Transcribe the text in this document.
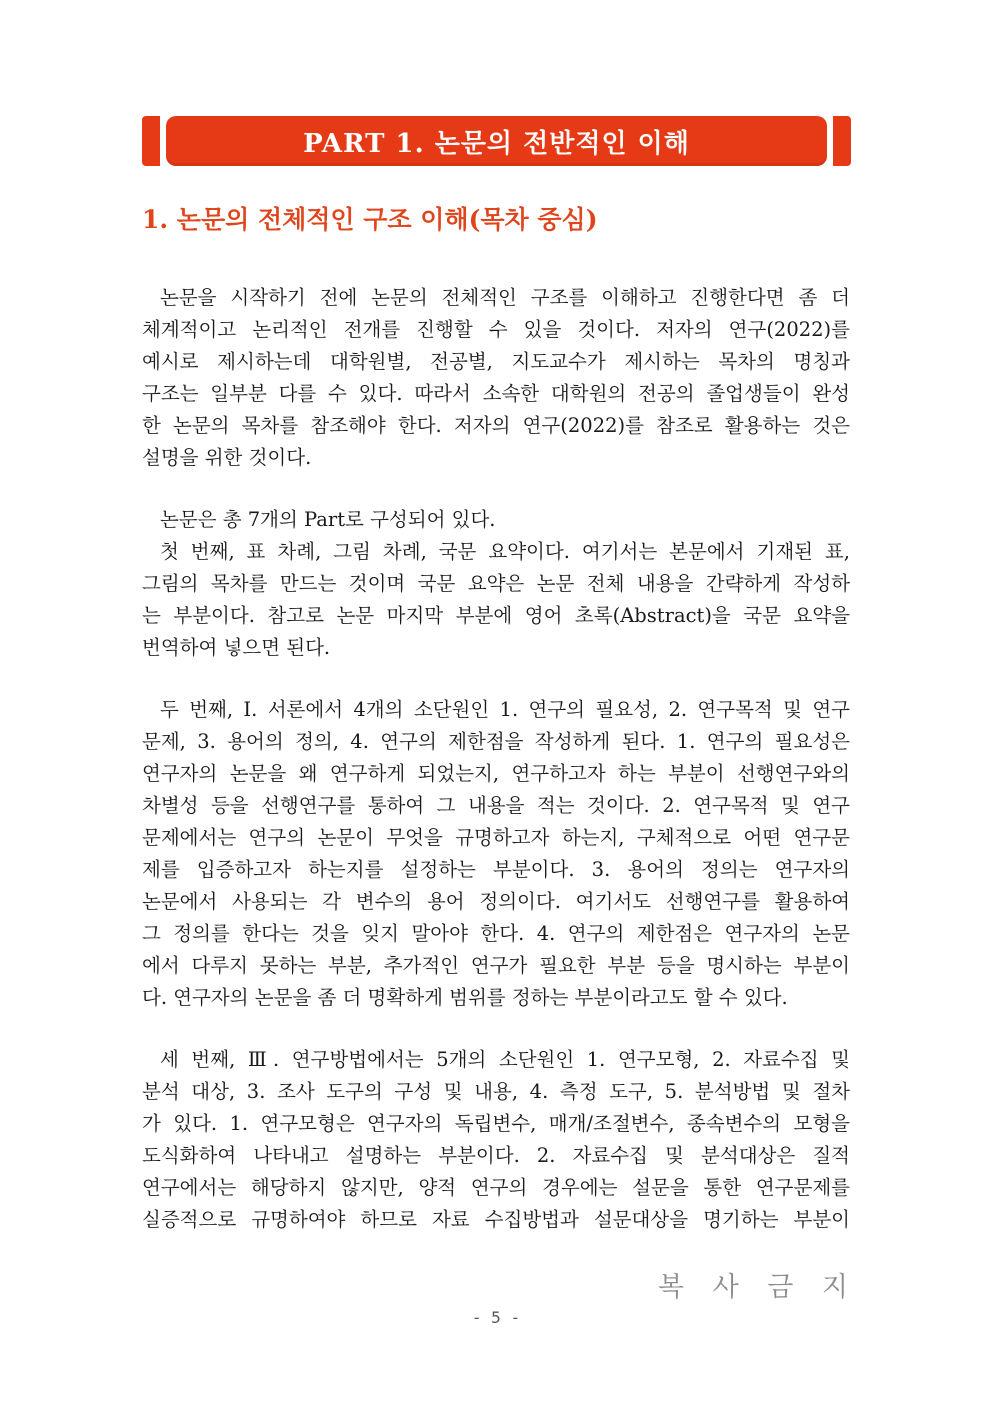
PART 1. 논문의 전반적인 이해
1. 논문의 전체적인 구조 이해(목차 중심)
논문을 시작하기 전에 논문의 전체적인 구조를 이해하고 진행한다면 좀 더
체계적이고 논리적인 전개를 진행할 수 있을 것이다. 저자의 연구(2022)를
예시로 제시하는데 대학원별, 전공별, 지도교수가 제시하는 목차의 명칭과
구조는 일부분 다를 수 있다. 따라서 소속한 대학원의 전공의 졸업생들이 완성
한 논문의 목차를 참조해야 한다. 저자의 연구(2022)를 참조로 활용하는 것은
설명을 위한 것이다.
논문은 총 7개의 Part로 구성되어 있다.
첫 번째, 표 차례, 그림 차례, 국문 요약이다. 여기서는 본문에서 기재된 표,
그림의 목차를 만드는 것이며 국문 요약은 논문 전체 내용을 간략하게 작성하
는 부분이다. 참고로 논문 마지막 부분에 영어 초록(Abstract)을 국문 요약을
번역하여 넣으면 된다.
두 번째, I. 서론에서 4개의 소단원인 1. 연구의 필요성, 2. 연구목적 및 연구
문제, 3. 용어의 정의, 4. 연구의 제한점을 작성하게 된다. 1. 연구의 필요성은
연구자의 논문을 왜 연구하게 되었는지, 연구하고자 하는 부분이 선행연구와의
차별성 등을 선행연구를 통하여 그 내용을 적는 것이다. 2. 연구목적 및 연구
문제에서는 연구의 논문이 무엇을 규명하고자 하는지, 구체적으로 어떤 연구문
제를 입증하고자 하는지를 설정하는 부분이다. 3. 용어의 정의는 연구자의
논문에서 사용되는 각 변수의 용어 정의이다. 여기서도 선행연구를 활용하여
그 정의를 한다는 것을 잊지 말아야 한다. 4. 연구의 제한점은 연구자의 논문
에서 다루지 못하는 부분, 추가적인 연구가 필요한 부분 등을 명시하는 부분이
다. 연구자의 논문을 좀 더 명확하게 범위를 정하는 부분이라고도 할 수 있다.
세 번째, Ⅲ. 연구방법에서는 5개의 소단원인 1. 연구모형, 2. 자료수집 및
분석 대상, 3. 조사 도구의 구성 및 내용, 4. 측정 도구, 5. 분석방법 및 절차
가 있다. 1. 연구모형은 연구자의 독립변수, 매개/조절변수, 종속변수의 모형을
도식화하여 나타내고 설명하는 부분이다. 2. 자료수집 및 분석대상은 질적
연구에서는 해당하지 않지만, 양적 연구의 경우에는 설문을 통한 연구문제를
실증적으로 규명하여야 하므로 자료 수집방법과 설문대상을 명기하는 부분이
복 사 금 지
- 5 -
